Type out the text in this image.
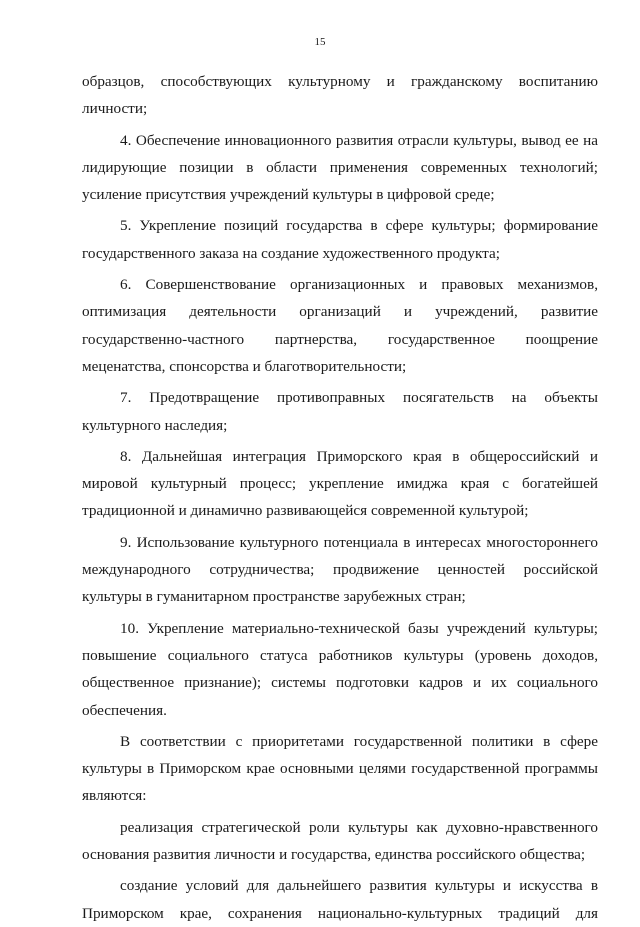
15

образцов, способствующих культурному и гражданскому воспитанию личности;

4. Обеспечение инновационного развития отрасли культуры, вывод ее на лидирующие позиции в области применения современных технологий; усиление присутствия учреждений культуры в цифровой среде;

5. Укрепление позиций государства в сфере культуры; формирование государственного заказа на создание художественного продукта;

6. Совершенствование организационных и правовых механизмов, оптимизация деятельности организаций и учреждений, развитие государственно-частного партнерства, государственное поощрение меценатства, спонсорства и благотворительности;

7. Предотвращение противоправных посягательств на объекты культурного наследия;

8. Дальнейшая интеграция Приморского края в общероссийский и мировой культурный процесс; укрепление имиджа края с богатейшей традиционной и динамично развивающейся современной культурой;

9. Использование культурного потенциала в интересах многостороннего международного сотрудничества; продвижение ценностей российской культуры в гуманитарном пространстве зарубежных стран;

10. Укрепление материально-технической базы учреждений культуры; повышение социального статуса работников культуры (уровень доходов, общественное признание); системы подготовки кадров и их социального обеспечения.

В соответствии с приоритетами государственной политики в сфере культуры в Приморском крае основными целями государственной программы являются:

реализация стратегической роли культуры как духовно-нравственного основания развития личности и государства, единства российского общества;

создание условий для дальнейшего развития культуры и искусства в Приморском крае, сохранения национально-культурных традиций для
